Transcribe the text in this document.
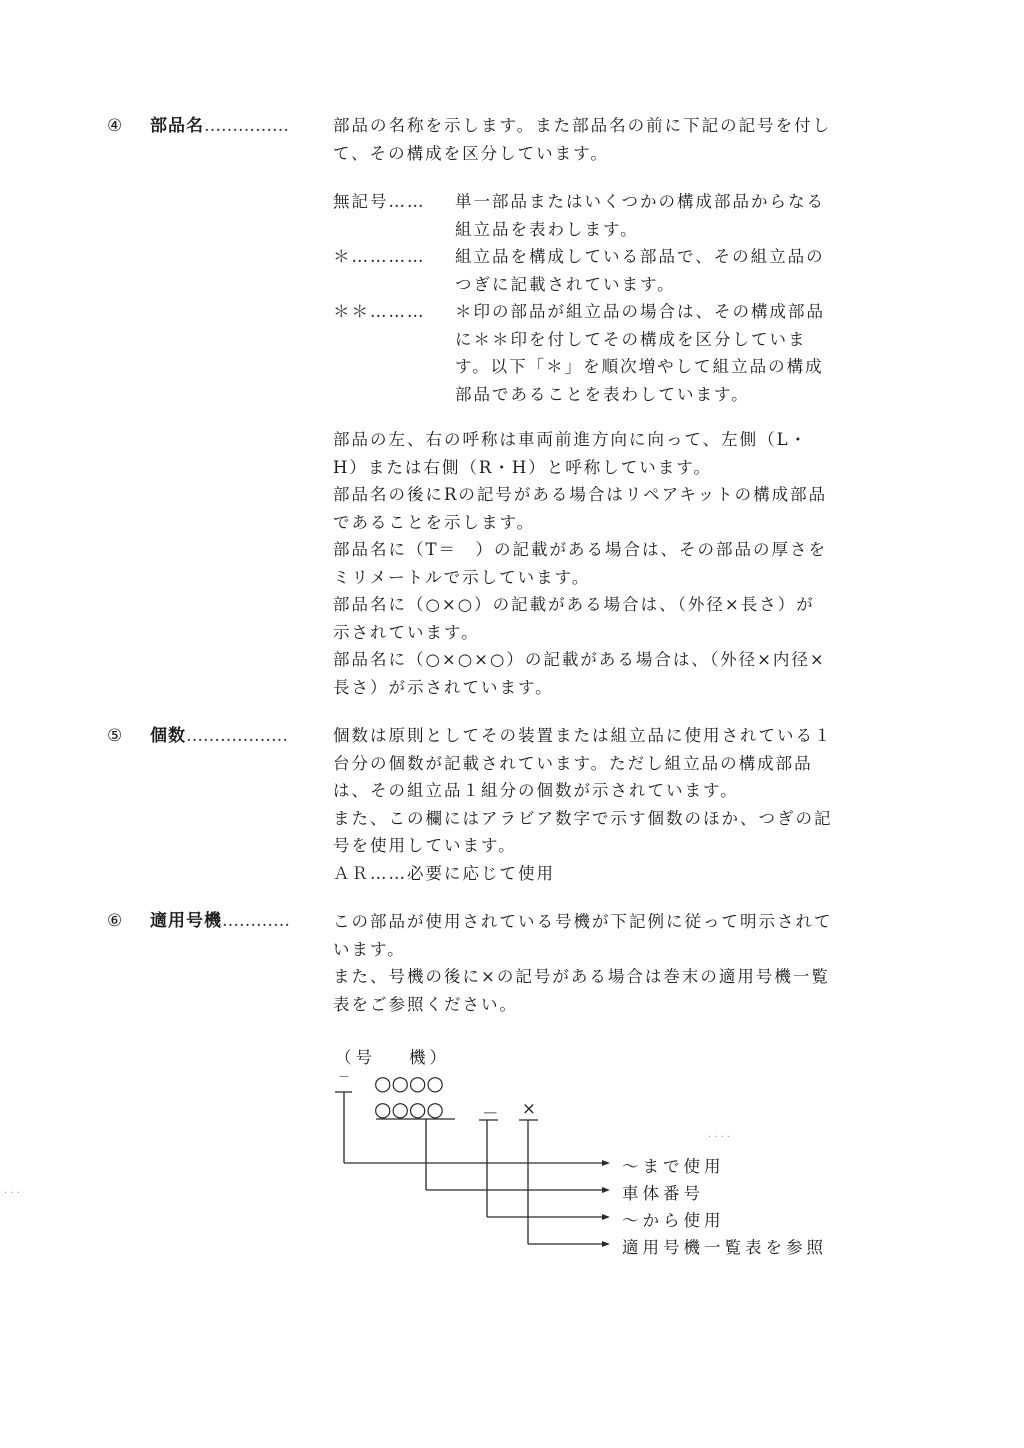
④ 部品名……………	部品の名称を示します。また部品名の前に下記の記号を付して、その構成を区分しています。

無記号…… 単一部品またはいくつかの構成部品からなる組立品を表わします。
＊………… 組立品を構成している部品で、その組立品のつぎに記載されています。
＊＊……… ＊印の部品が組立品の場合は、その構成部品に＊＊印を付してその構成を区分しています。以下「＊」を順次増やして組立品の構成部品であることを表わしています。

部品の左、右の呼称は車両前進方向に向って、左側（L・H）または右側（R・H）と呼称しています。

部品名の後にRの記号がある場合はリペアキットの構成部品であることを示します。

部品名に（T＝　）の記載がある場合は、その部品の厚さをミリメートルで示しています。

部品名に（○×○）の記載がある場合は、（外径×長さ）が示されています。

部品名に（○×○×○）の記載がある場合は、（外径×内径×長さ）が示されています。

⑤ 個数………………	個数は原則としてその装置または組立品に使用されている１台分の個数が記載されています。ただし組立品の構成部品は、その組立品１組分の個数が示されています。

また、この欄にはアラビア数字で示す個数のほか、つぎの記号を使用しています。

ＡＲ……必要に応じて使用

⑥ 適用号機…………	この部品が使用されている号機が下記例に従って明示されています。

また、号機の後に×の記号がある場合は巻末の適用号機一覧表をご参照ください。

（号 機）
－ ○○○○
○○○○ － ×
～まで使用
車体番号
～から使用
適用号機一覧表を参照
· · ·
· · · ·
